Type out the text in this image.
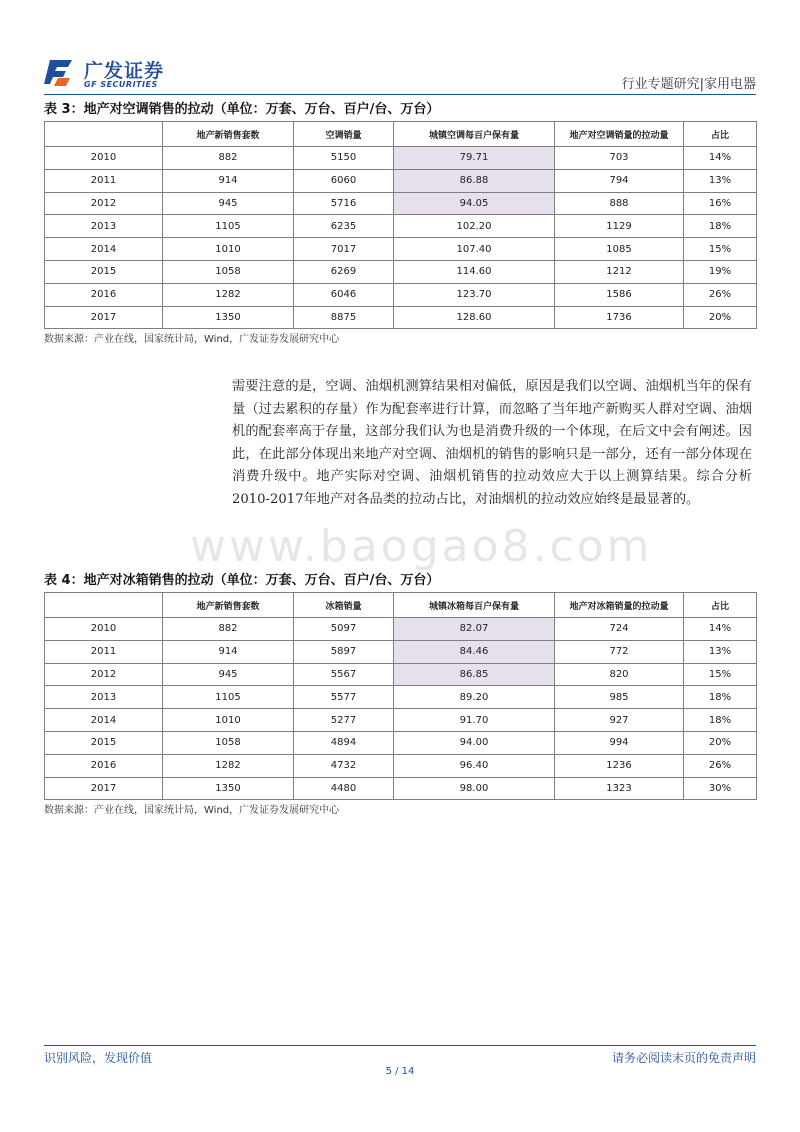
广发证券
GF SECURITIES	行业专题研究|家用电器
表 3：地产对空调销售的拉动（单位：万套、万台、百户/台、万台）
	地产新销售套数	空调销量	城镇空调每百户保有量	地产对空调销量的拉动量	占比
2010	882	5150	79.71	703	14%
2011	914	6060	86.88	794	13%
2012	945	5716	94.05	888	16%
2013	1105	6235	102.20	1129	18%
2014	1010	7017	107.40	1085	15%
2015	1058	6269	114.60	1212	19%
2016	1282	6046	123.70	1586	26%
2017	1350	8875	128.60	1736	20%
数据来源：产业在线，国家统计局，Wind，广发证券发展研究中心
需要注意的是，空调、油烟机测算结果相对偏低，原因是我们以空调、油烟机当年的保有量（过去累积的存量）作为配套率进行计算，而忽略了当年地产新购买人群对空调、油烟机的配套率高于存量，这部分我们认为也是消费升级的一个体现，在后文中会有阐述。因此，在此部分体现出来地产对空调、油烟机的销售的影响只是一部分，还有一部分体现在消费升级中。地产实际对空调、油烟机销售的拉动效应大于以上测算结果。综合分析2010-2017年地产对各品类的拉动占比，对油烟机的拉动效应始终是最显著的。
www.baogao8.com
表 4：地产对冰箱销售的拉动（单位：万套、万台、百户/台、万台）
	地产新销售套数	冰箱销量	城镇冰箱每百户保有量	地产对冰箱销量的拉动量	占比
2010	882	5097	82.07	724	14%
2011	914	5897	84.46	772	13%
2012	945	5567	86.85	820	15%
2013	1105	5577	89.20	985	18%
2014	1010	5277	91.70	927	18%
2015	1058	4894	94.00	994	20%
2016	1282	4732	96.40	1236	26%
2017	1350	4480	98.00	1323	30%
数据来源：产业在线，国家统计局，Wind，广发证券发展研究中心
识别风险，发现价值	请务必阅读末页的免责声明
5 / 14
